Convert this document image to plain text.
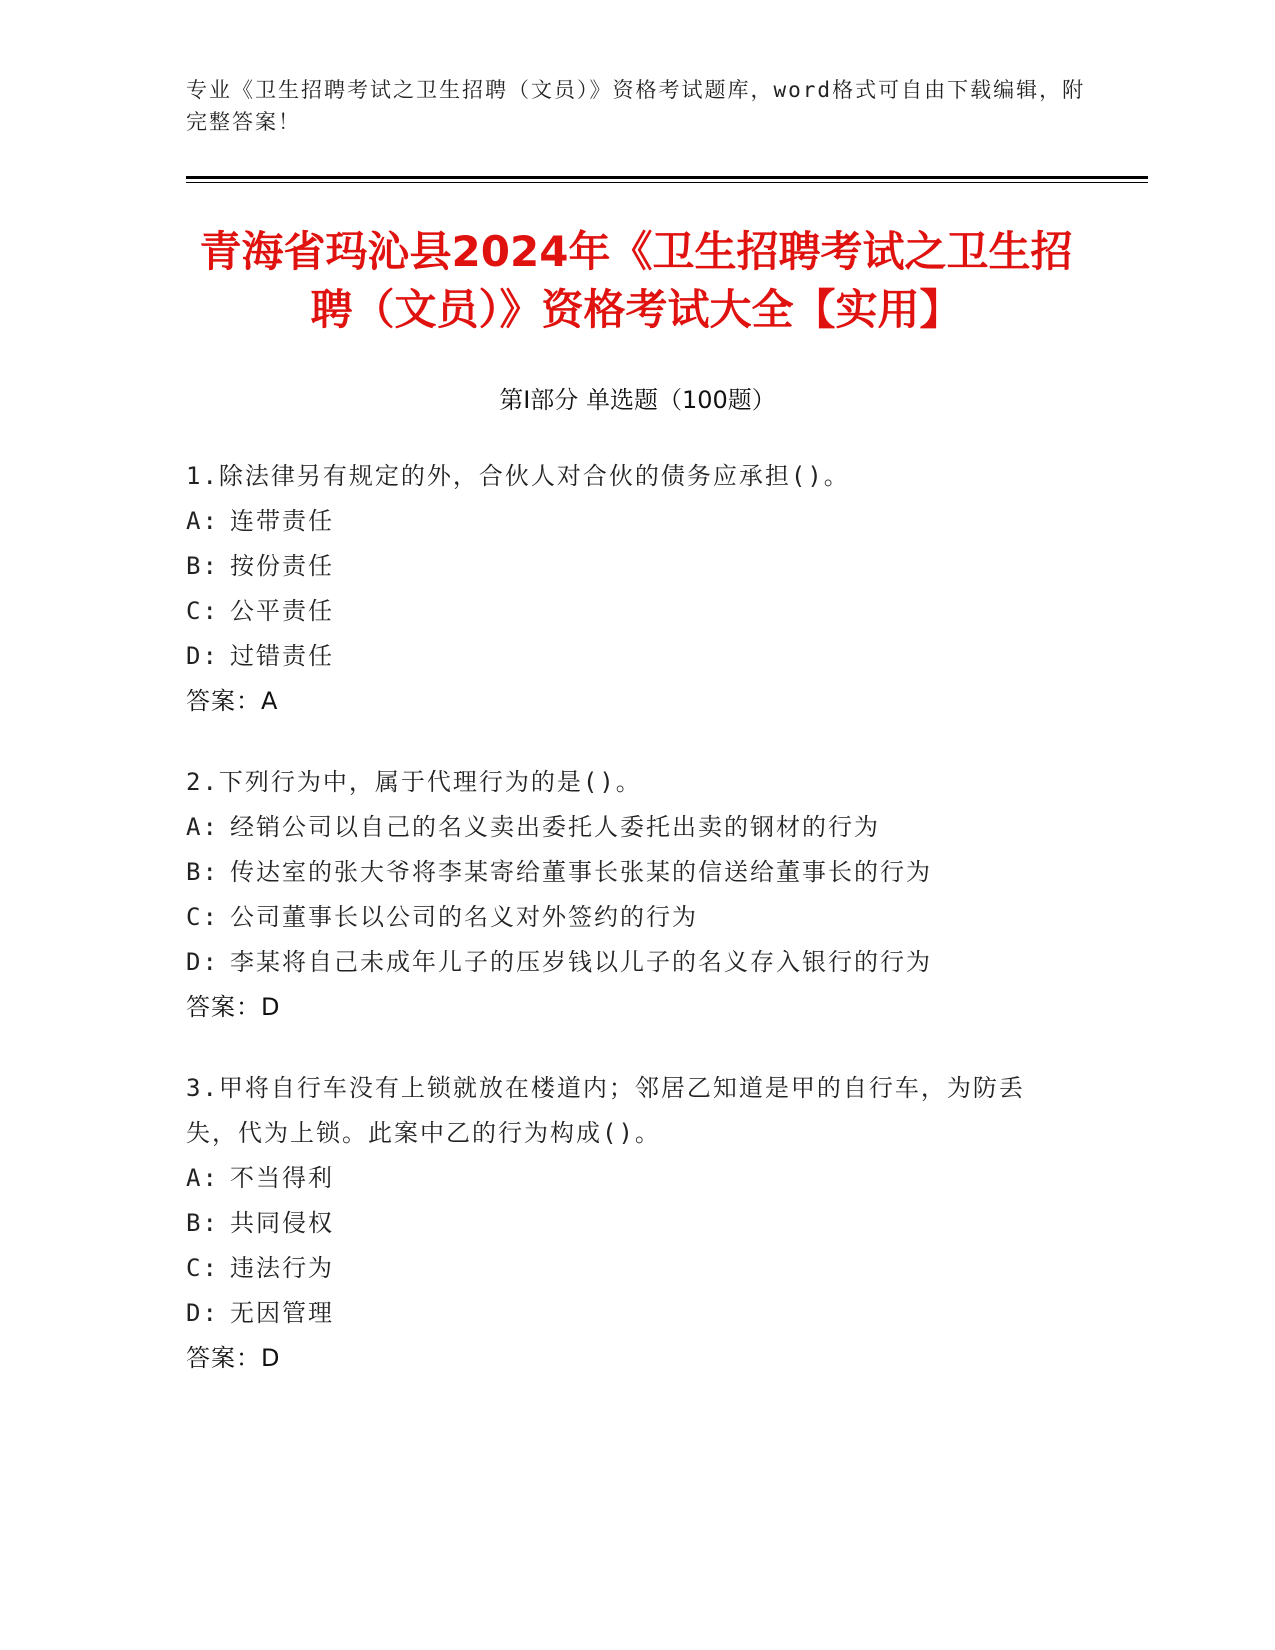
专业《卫生招聘考试之卫生招聘（文员）》资格考试题库，word格式可自由下载编辑，附完整答案！
青海省玛沁县2024年《卫生招聘考试之卫生招聘（文员）》资格考试大全【实用】
第I部分 单选题（100题）
1.除法律另有规定的外，合伙人对合伙的债务应承担()。
A: 连带责任
B: 按份责任
C: 公平责任
D: 过错责任
答案：A
2.下列行为中，属于代理行为的是()。
A: 经销公司以自己的名义卖出委托人委托出卖的钢材的行为
B: 传达室的张大爷将李某寄给董事长张某的信送给董事长的行为
C: 公司董事长以公司的名义对外签约的行为
D: 李某将自己未成年儿子的压岁钱以儿子的名义存入银行的行为
答案：D
3.甲将自行车没有上锁就放在楼道内；邻居乙知道是甲的自行车，为防丢失，代为上锁。此案中乙的行为构成()。
A: 不当得利
B: 共同侵权
C: 违法行为
D: 无因管理
答案：D
